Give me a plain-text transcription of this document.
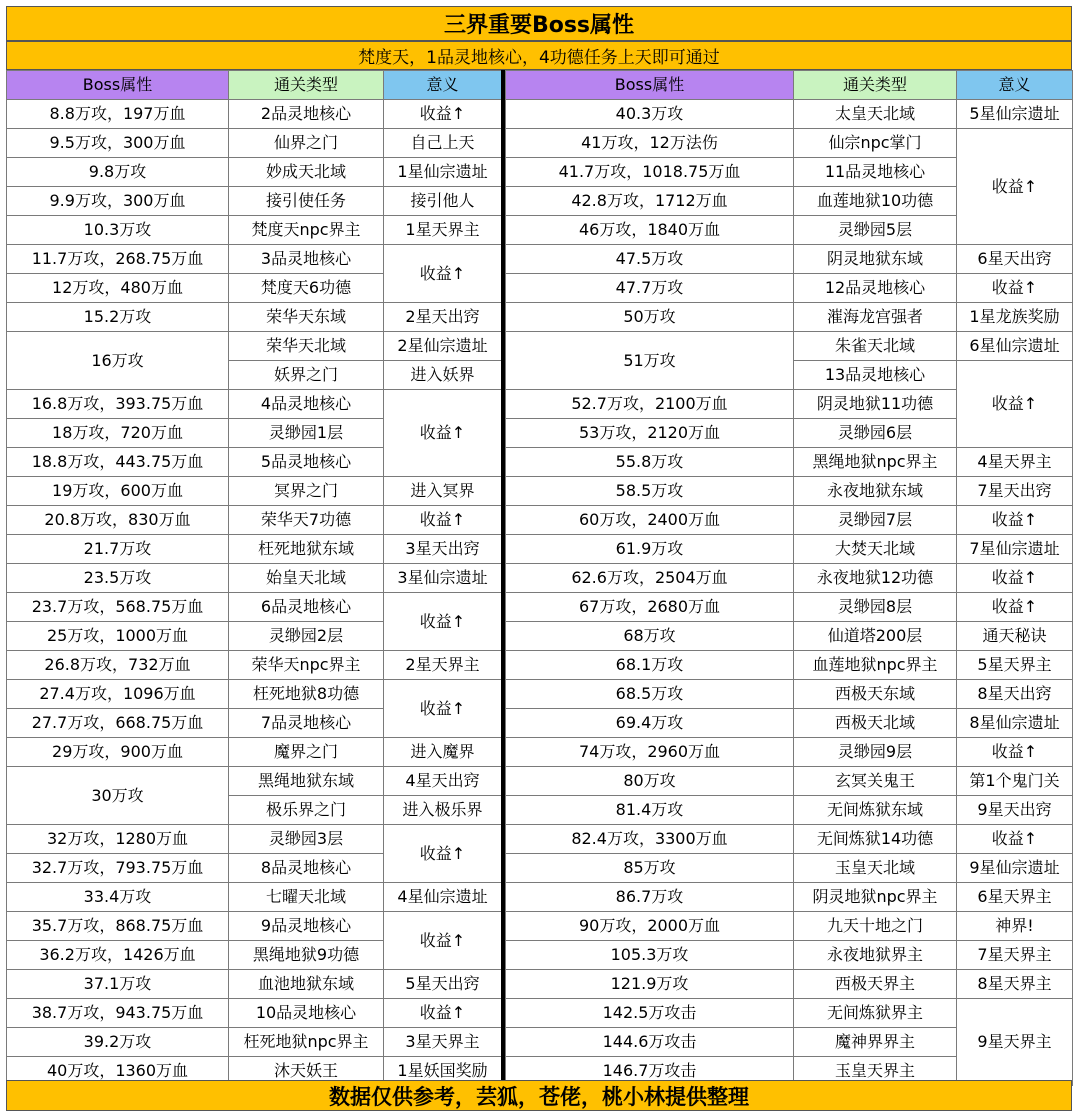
三界重要Boss属性
梵度天，1品灵地核心，4功德任务上天即可通过
Boss属性	通关类型	意义
8.8万攻，197万血	2品灵地核心	收益↑
9.5万攻，300万血	仙界之门	自己上天
9.8万攻	妙成天北域	1星仙宗遗址
9.9万攻，300万血	接引使任务	接引他人
10.3万攻	梵度天npc界主	1星天界主
11.7万攻，268.75万血	3品灵地核心	收益↑
12万攻，480万血	梵度天6功德	
15.2万攻	荣华天东域	2星天出窍
16万攻	荣华天北域	2星仙宗遗址
	妖界之门	进入妖界
16.8万攻，393.75万血	4品灵地核心	收益↑
18万攻，720万血	灵缈园1层	
18.8万攻，443.75万血	5品灵地核心	
19万攻，600万血	冥界之门	进入冥界
20.8万攻，830万血	荣华天7功德	收益↑
21.7万攻	枉死地狱东域	3星天出窍
23.5万攻	始皇天北域	3星仙宗遗址
23.7万攻，568.75万血	6品灵地核心	收益↑
25万攻，1000万血	灵缈园2层	
26.8万攻，732万血	荣华天npc界主	2星天界主
27.4万攻，1096万血	枉死地狱8功德	收益↑
27.7万攻，668.75万血	7品灵地核心	
29万攻，900万血	魔界之门	进入魔界
30万攻	黑绳地狱东域	4星天出窍
	极乐界之门	进入极乐界
32万攻，1280万血	灵缈园3层	收益↑
32.7万攻，793.75万血	8品灵地核心	
33.4万攻	七曜天北域	4星仙宗遗址
35.7万攻，868.75万血	9品灵地核心	收益↑
36.2万攻，1426万血	黑绳地狱9功德	
37.1万攻	血池地狱东域	5星天出窍
38.7万攻，943.75万血	10品灵地核心	收益↑
39.2万攻	枉死地狱npc界主	3星天界主
40万攻，1360万血	沐天妖王	1星妖国奖励
Boss属性	通关类型	意义
40.3万攻	太皇天北域	5星仙宗遗址
41万攻，12万法伤	仙宗npc掌门	收益↑
41.7万攻，1018.75万血	11品灵地核心	
42.8万攻，1712万血	血莲地狱10功德	
46万攻，1840万血	灵缈园5层	
47.5万攻	阴灵地狱东域	6星天出窍
47.7万攻	12品灵地核心	收益↑
50万攻	漼海龙宫强者	1星龙族奖励
51万攻	朱雀天北域	6星仙宗遗址
	13品灵地核心	收益↑
52.7万攻，2100万血	阴灵地狱11功德	
53万攻，2120万血	灵缈园6层	
55.8万攻	黑绳地狱npc界主	4星天界主
58.5万攻	永夜地狱东域	7星天出窍
60万攻，2400万血	灵缈园7层	收益↑
61.9万攻	大焚天北域	7星仙宗遗址
62.6万攻，2504万血	永夜地狱12功德	收益↑
67万攻，2680万血	灵缈园8层	收益↑
68万攻	仙道塔200层	通天秘诀
68.1万攻	血莲地狱npc界主	5星天界主
68.5万攻	西极天东域	8星天出窍
69.4万攻	西极天北域	8星仙宗遗址
74万攻，2960万血	灵缈园9层	收益↑
80万攻	玄冥关鬼王	第1个鬼门关
81.4万攻	无间炼狱东域	9星天出窍
82.4万攻，3300万血	无间炼狱14功德	收益↑
85万攻	玉皇天北域	9星仙宗遗址
86.7万攻	阴灵地狱npc界主	6星天界主
90万攻，2000万血	九天十地之门	神界!
105.3万攻	永夜地狱界主	7星天界主
121.9万攻	西极天界主	8星天界主
142.5万攻击	无间炼狱界主	9星天界主
144.6万攻击	魔神界界主	
146.7万攻击	玉皇天界主	
数据仅供参考，芸狐，苍佬，桃小林提供整理
